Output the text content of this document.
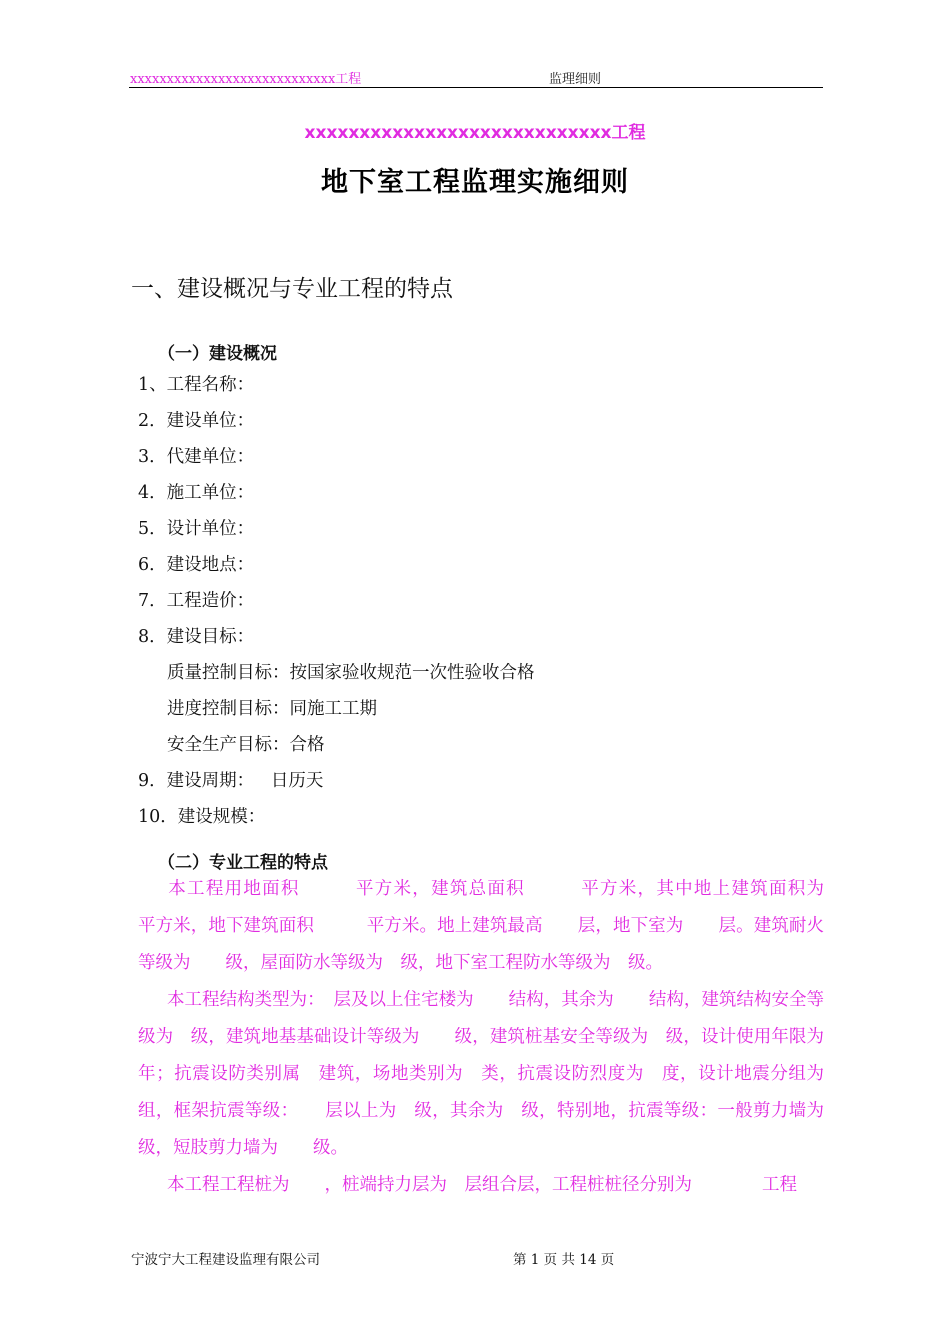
xxxxxxxxxxxxxxxxxxxxxxxxxxxx工程	监理细则
xxxxxxxxxxxxxxxxxxxxxxxxxxxx工程
地下室工程监理实施细则
一、建设概况与专业工程的特点
（一）建设概况
1、工程名称：
2．建设单位：
3．代建单位：
4．施工单位：
5．设计单位：
6．建设地点：
7．工程造价：
8．建设目标：
质量控制目标：按国家验收规范一次性验收合格
进度控制目标：同施工工期
安全生产目标：合格
9．建设周期：   日历天
10．建设规模：
（二）专业工程的特点

本工程用地面积　　　平方米，建筑总面积　　　平方米，其中地上建筑面积为　　　平方米，地下建筑面积　　　平方米。地上建筑最高　　层，地下室为　　层。建筑耐火等级为　　级，屋面防水等级为　级，地下室工程防水等级为　级。

本工程结构类型为：　层及以上住宅楼为　　结构，其余为　　结构，建筑结构安全等级为　级，建筑地基基础设计等级为　　级，建筑桩基安全等级为　级，设计使用年限为　　年；抗震设防类别属　建筑，场地类别为　类，抗震设防烈度为　度，设计地震分组为　　组，框架抗震等级：　　层以上为　级，其余为　级，特别地，抗震等级：一般剪力墙为　级，短肢剪力墙为　　级。

本工程工程桩为　　，桩端持力层为　层组合层，工程桩桩径分别为　　　　工程

宁波宁大工程建设监理有限公司	第 1 页 共 14 页
